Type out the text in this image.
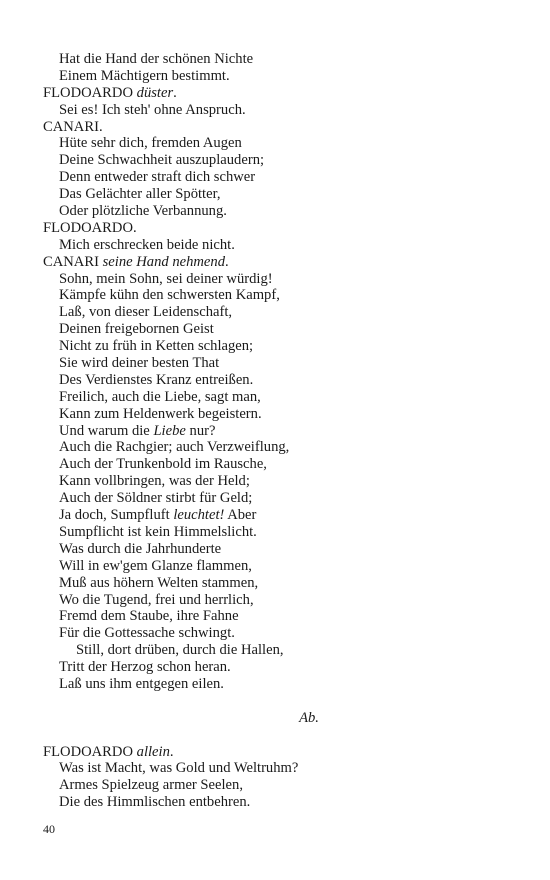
Hat die Hand der schönen Nichte
Einem Mächtigern bestimmt.
FLODOARDO düster.
Sei es! Ich steh' ohne Anspruch.
CANARI.
Hüte sehr dich, fremden Augen
Deine Schwachheit auszuplaudern;
Denn entweder straft dich schwer
Das Gelächter aller Spötter,
Oder plötzliche Verbannung.
FLODOARDO.
Mich erschrecken beide nicht.
CANARI seine Hand nehmend.
Sohn, mein Sohn, sei deiner würdig!
Kämpfe kühn den schwersten Kampf,
Laß, von dieser Leidenschaft,
Deinen freigebornen Geist
Nicht zu früh in Ketten schlagen;
Sie wird deiner besten That
Des Verdienstes Kranz entreißen.
Freilich, auch die Liebe, sagt man,
Kann zum Heldenwerk begeistern.
Und warum die Liebe nur?
Auch die Rachgier; auch Verzweiflung,
Auch der Trunkenbold im Rausche,
Kann vollbringen, was der Held;
Auch der Söldner stirbt für Geld;
Ja doch, Sumpfluft leuchtet! Aber
Sumpflicht ist kein Himmelslicht.
Was durch die Jahrhunderte
Will in ew'gem Glanze flammen,
Muß aus höhern Welten stammen,
Wo die Tugend, frei und herrlich,
Fremd dem Staube, ihre Fahne
Für die Gottessache schwingt.
Still, dort drüben, durch die Hallen,
Tritt der Herzog schon heran.
Laß uns ihm entgegen eilen.
Ab.
FLODOARDO allein.
Was ist Macht, was Gold und Weltruhm?
Armes Spielzeug armer Seelen,
Die des Himmlischen entbehren.
40
